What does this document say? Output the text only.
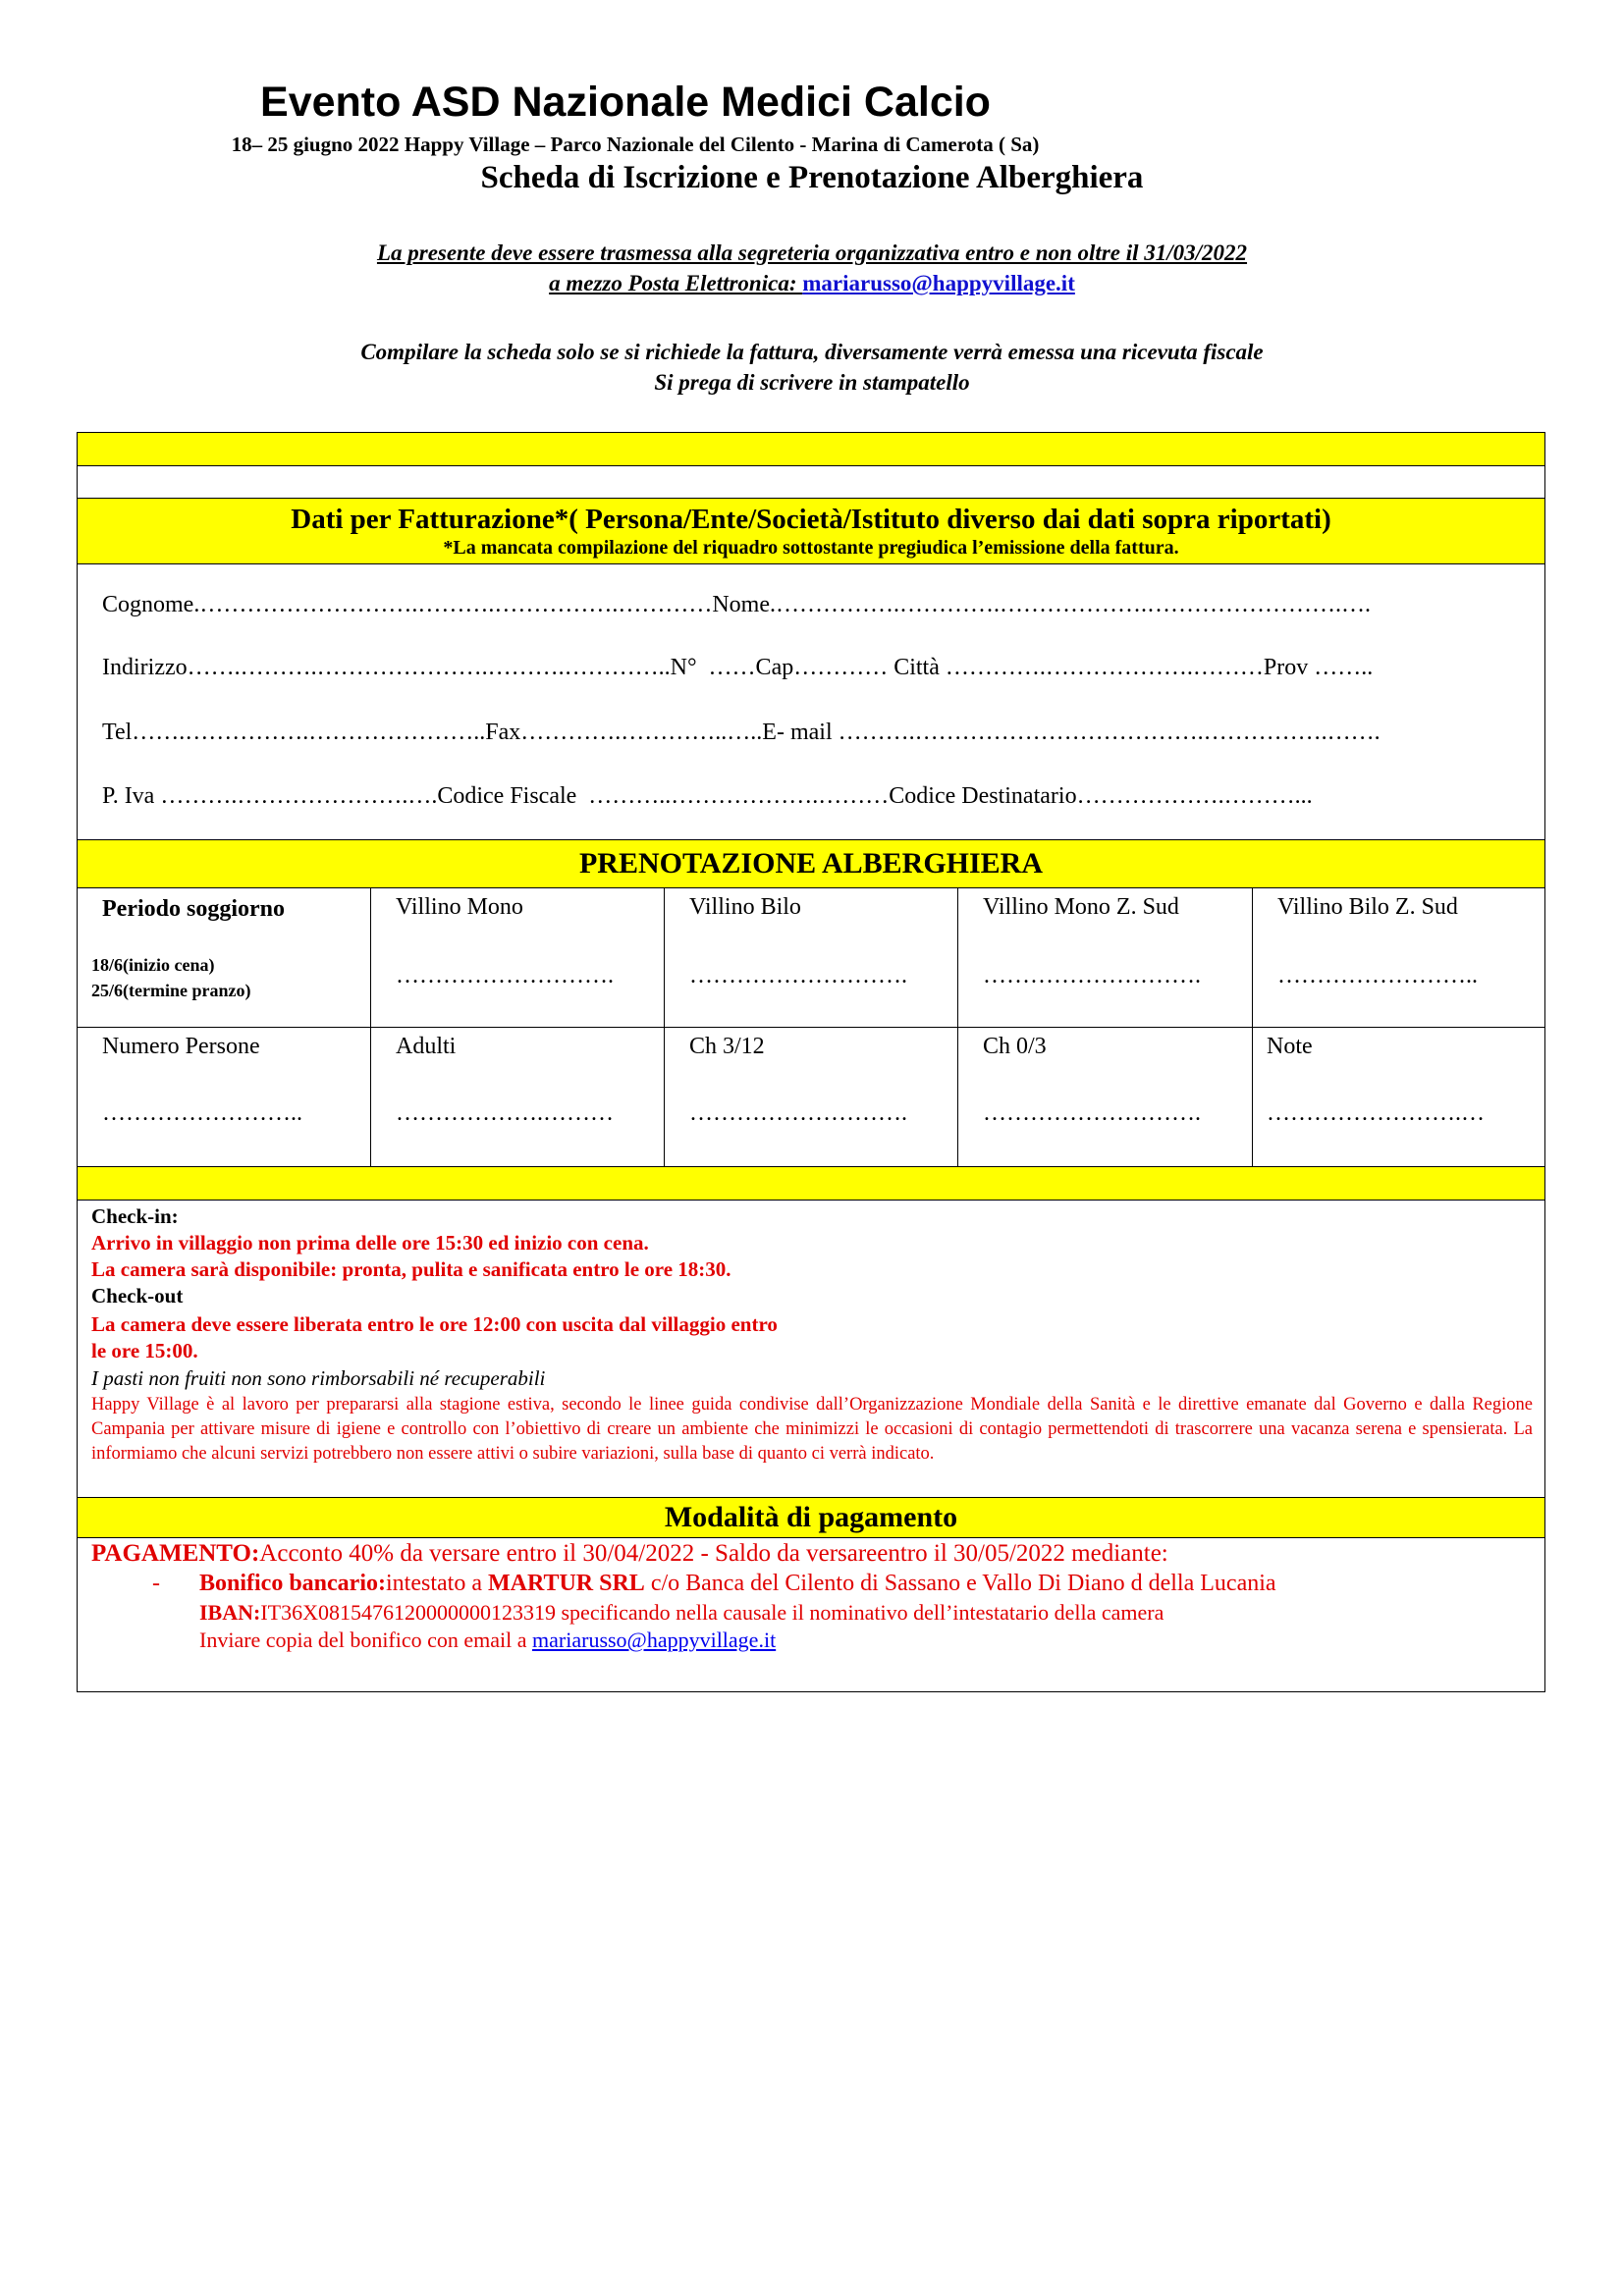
Evento ASD Nazionale Medici Calcio
18– 25 giugno 2022 Happy Village – Parco Nazionale del Cilento - Marina di Camerota ( Sa)
Scheda di Iscrizione e Prenotazione Alberghiera
La presente deve essere trasmessa alla segreteria organizzativa entro e non oltre il 31/03/2022
a mezzo Posta Elettronica: mariarusso@happyvillage.it
Compilare la scheda solo se si richiede la fattura, diversamente verrà emessa una ricevuta fiscale
Si prega di scrivere in stampatello
Dati per Fatturazione*( Persona/Ente/Società/Istituto diverso dai dati sopra riportati)
*La mancata compilazione del riquadro sottostante pregiudica l’emissione della fattura.
Cognome.……………………….……….…………….…………Nome.…………….………….……………….…………………….….
Indirizzo…….……….………………….……….…………..N°  ……Cap………… Città ………….……………….………Prov ……..
Tel…….…………….…………………..Fax………….…………..…..E- mail ……….……………………………….…………….…….
P. Iva ……….………………….….Codice Fiscale  ………..……………….………Codice Destinatario……………….………...
PRENOTAZIONE ALBERGHIERA
Periodo soggiorno
18/6(inizio cena)
25/6(termine pranzo)
Villino Mono
……………………….
Villino Bilo
……………………….
Villino Mono Z. Sud
……………………….
Villino Bilo Z. Sud
……………………..
Numero Persone
……………………..
Adulti
……………….………
Ch 3/12
……………………….
Ch 0/3
……………………….
Note
…………………….…
Check-in:
Arrivo in villaggio non prima delle ore 15:30 ed inizio con cena.
La camera sarà disponibile: pronta, pulita e sanificata entro le ore 18:30.
Check-out
La camera deve essere liberata entro le ore 12:00 con uscita dal villaggio entro
le ore 15:00.
I pasti non fruiti non sono rimborsabili né recuperabili
Happy Village è al lavoro per prepararsi alla stagione estiva, secondo le linee guida condivise dall’Organizzazione Mondiale della Sanità e le direttive emanate dal Governo e dalla Regione Campania per attivare misure di igiene e controllo con l’obiettivo di creare un ambiente che minimizzi le occasioni di contagio permettendoti di trascorrere una vacanza serena e spensierata. La informiamo che alcuni servizi potrebbero non essere attivi o subire variazioni, sulla base di quanto ci verrà indicato.
Modalità di pagamento
PAGAMENTO:Acconto 40% da versare entro il 30/04/2022 - Saldo da versareentro il 30/05/2022 mediante:
- Bonifico bancario:intestato a MARTUR SRL c/o Banca del Cilento di Sassano e Vallo Di Diano d della Lucania
IBAN:IT36X0815476120000000123319 specificando nella causale il nominativo dell’intestatario della camera
Inviare copia del bonifico con email a mariarusso@happyvillage.it
